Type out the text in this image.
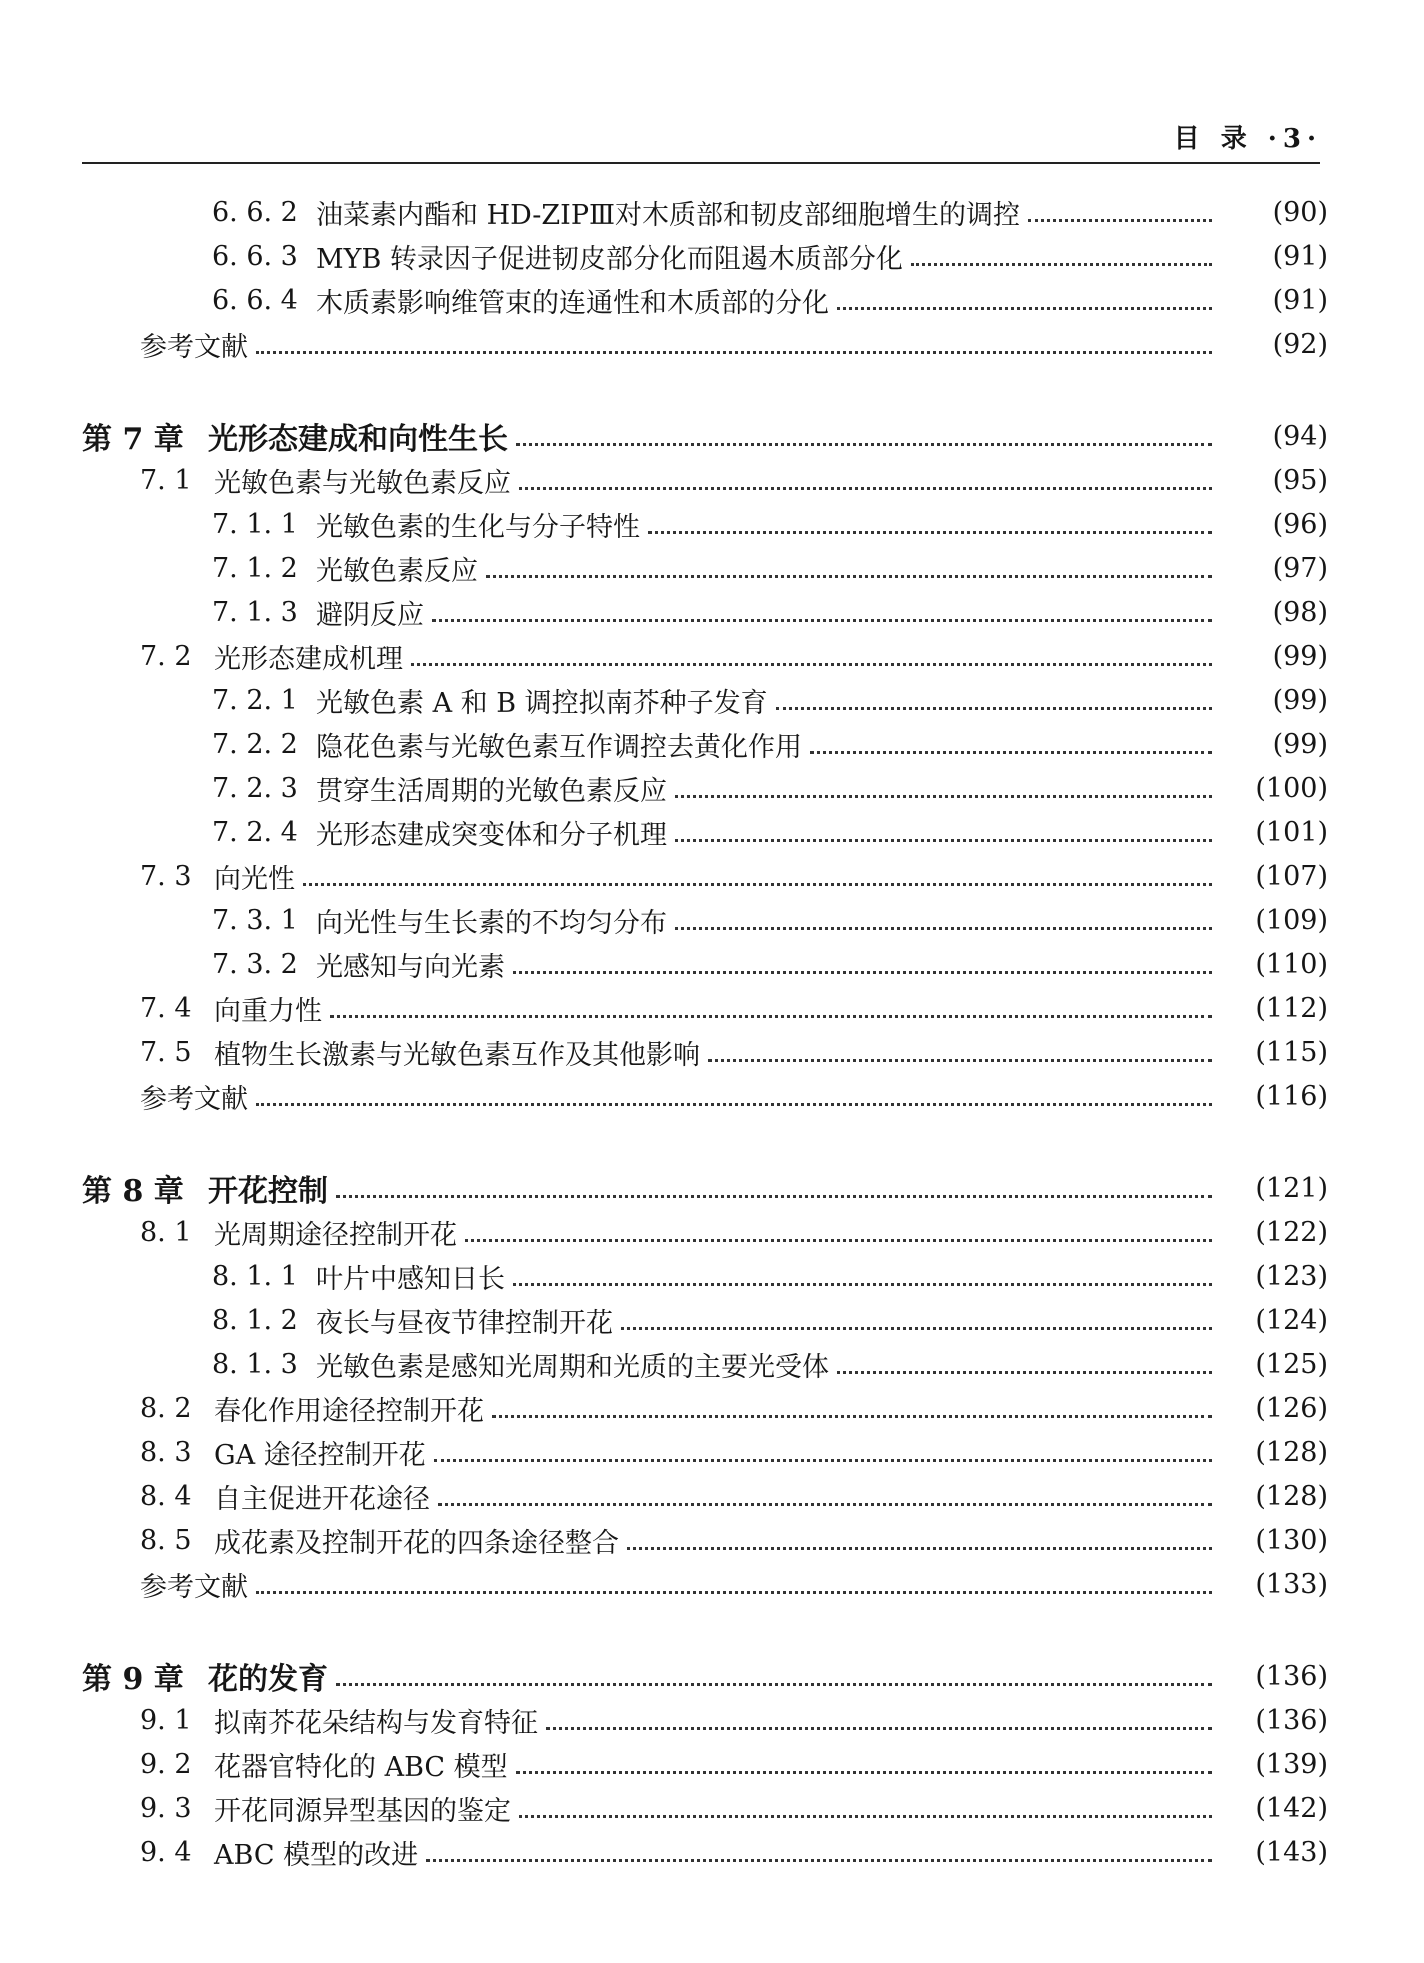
目 录 ·3·
6. 6. 2 油菜素内酯和 HD-ZIPⅢ对木质部和韧皮部细胞增生的调控	(90)
6. 6. 3 MYB 转录因子促进韧皮部分化而阻遏木质部分化	(91)
6. 6. 4 木质素影响维管束的连通性和木质部的分化	(91)
参考文献	(92)
第 7 章 光形态建成和向性生长	(94)
7. 1 光敏色素与光敏色素反应	(95)
7. 1. 1 光敏色素的生化与分子特性	(96)
7. 1. 2 光敏色素反应	(97)
7. 1. 3 避阴反应	(98)
7. 2 光形态建成机理	(99)
7. 2. 1 光敏色素 A 和 B 调控拟南芥种子发育	(99)
7. 2. 2 隐花色素与光敏色素互作调控去黄化作用	(99)
7. 2. 3 贯穿生活周期的光敏色素反应	(100)
7. 2. 4 光形态建成突变体和分子机理	(101)
7. 3 向光性	(107)
7. 3. 1 向光性与生长素的不均匀分布	(109)
7. 3. 2 光感知与向光素	(110)
7. 4 向重力性	(112)
7. 5 植物生长激素与光敏色素互作及其他影响	(115)
参考文献	(116)
第 8 章 开花控制	(121)
8. 1 光周期途径控制开花	(122)
8. 1. 1 叶片中感知日长	(123)
8. 1. 2 夜长与昼夜节律控制开花	(124)
8. 1. 3 光敏色素是感知光周期和光质的主要光受体	(125)
8. 2 春化作用途径控制开花	(126)
8. 3 GA 途径控制开花	(128)
8. 4 自主促进开花途径	(128)
8. 5 成花素及控制开花的四条途径整合	(130)
参考文献	(133)
第 9 章 花的发育	(136)
9. 1 拟南芥花朵结构与发育特征	(136)
9. 2 花器官特化的 ABC 模型	(139)
9. 3 开花同源异型基因的鉴定	(142)
9. 4 ABC 模型的改进	(143)
